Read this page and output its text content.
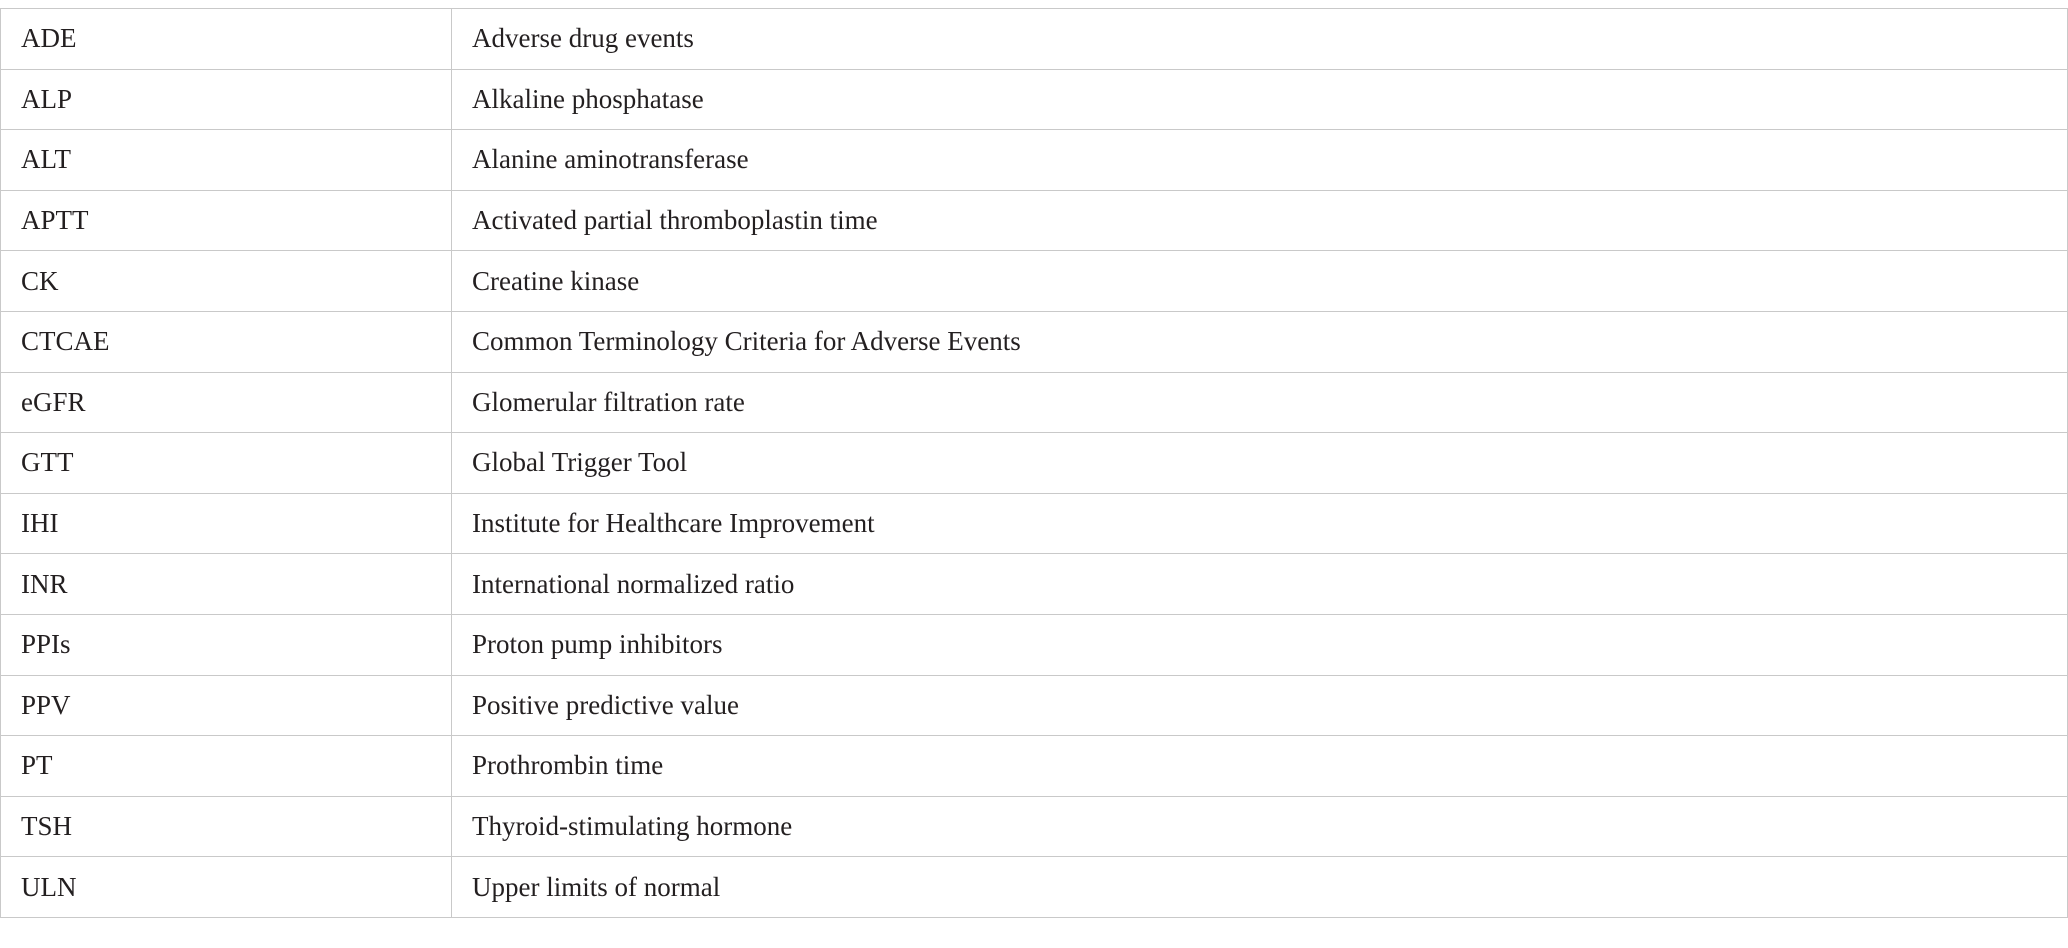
ADE	Adverse drug events
ALP	Alkaline phosphatase
ALT	Alanine aminotransferase
APTT	Activated partial thromboplastin time
CK	Creatine kinase
CTCAE	Common Terminology Criteria for Adverse Events
eGFR	Glomerular filtration rate
GTT	Global Trigger Tool
IHI	Institute for Healthcare Improvement
INR	International normalized ratio
PPIs	Proton pump inhibitors
PPV	Positive predictive value
PT	Prothrombin time
TSH	Thyroid-stimulating hormone
ULN	Upper limits of normal
